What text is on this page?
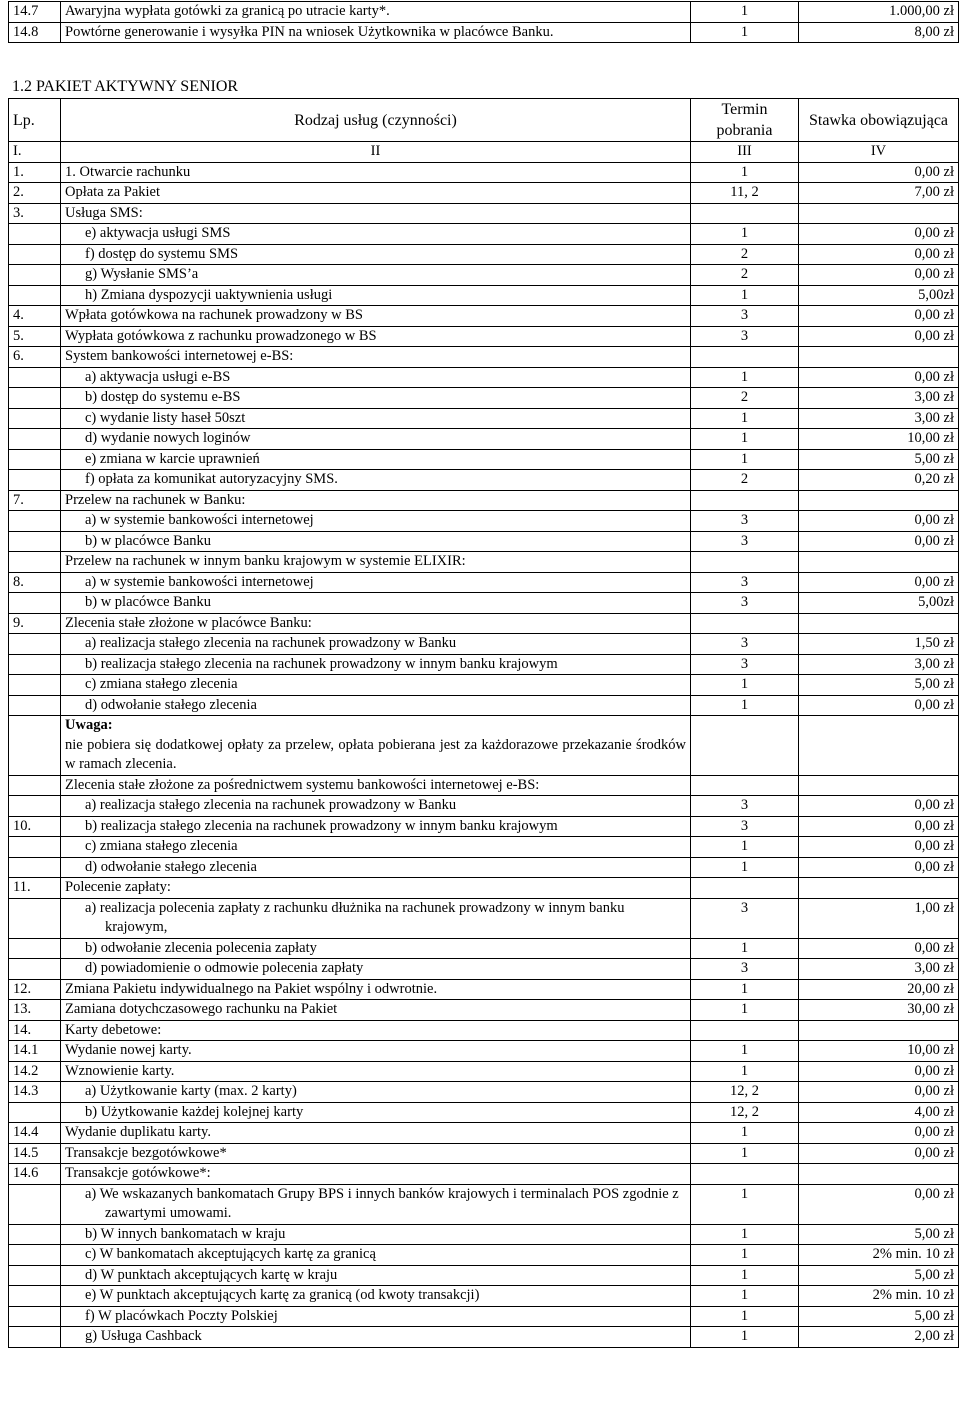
14.7	Awaryjna wypłata gotówki za granicą po utracie karty*.	1	1.000,00 zł
14.8	Powtórne generowanie i wysyłka PIN na wniosek Użytkownika w placówce Banku.	1	8,00 zł
1.2 PAKIET AKTYWNY SENIOR
Lp.	Rodzaj usług (czynności)	Termin pobrania	Stawka obowiązująca
I.	II	III	IV
1.	1. Otwarcie rachunku	1	0,00 zł
2.	Opłata za Pakiet	11, 2	7,00 zł
3.	Usługa SMS:		
	e) aktywacja usługi SMS	1	0,00 zł
	f) dostęp do systemu SMS	2	0,00 zł
	g) Wysłanie SMS’a	2	0,00 zł
	h) Zmiana dyspozycji uaktywnienia usługi	1	5,00zł
4.	Wpłata gotówkowa na rachunek prowadzony w BS	3	0,00 zł
5.	Wypłata gotówkowa z rachunku prowadzonego w BS	3	0,00 zł
6.	System bankowości internetowej e-BS:		
	a) aktywacja usługi e-BS	1	0,00 zł
	b) dostęp do systemu e-BS	2	3,00 zł
	c) wydanie listy haseł 50szt	1	3,00 zł
	d) wydanie nowych loginów	1	10,00 zł
	e) zmiana w karcie uprawnień	1	5,00 zł
	f) opłata za komunikat autoryzacyjny SMS.	2	0,20 zł
7.	Przelew na rachunek w Banku:		
	a) w systemie bankowości internetowej	3	0,00 zł
	b) w placówce Banku	3	0,00 zł
	Przelew na rachunek w innym banku krajowym w systemie ELIXIR:		
8.	a) w systemie bankowości internetowej	3	0,00 zł
	b) w placówce Banku	3	5,00zł
9.	Zlecenia stałe złożone w placówce Banku:		
	a) realizacja stałego zlecenia na rachunek prowadzony w Banku	3	1,50 zł
	b) realizacja stałego zlecenia na rachunek prowadzony w innym banku krajowym	3	3,00 zł
	c) zmiana stałego zlecenia	1	5,00 zł
	d) odwołanie stałego zlecenia	1	0,00 zł

	Uwaga:
nie pobiera się dodatkowej opłaty za przelew, opłata pobierana jest za każdorazowe przekazanie środków w ramach zlecenia.		

	Zlecenia stałe złożone za pośrednictwem systemu bankowości internetowej e-BS:		
	a) realizacja stałego zlecenia na rachunek prowadzony w Banku	3	0,00 zł
10.	b) realizacja stałego zlecenia na rachunek prowadzony w innym banku krajowym	3	0,00 zł
	c) zmiana stałego zlecenia	1	0,00 zł
	d) odwołanie stałego zlecenia	1	0,00 zł
11.	Polecenie zapłaty:		
	a) realizacja polecenia zapłaty z rachunku dłużnika na rachunek prowadzony w innym banku krajowym,	3	1,00 zł
	b) odwołanie zlecenia polecenia zapłaty	1	0,00 zł
	d) powiadomienie o odmowie polecenia zapłaty	3	3,00 zł
12.	Zmiana Pakietu indywidualnego na Pakiet wspólny i odwrotnie.	1	20,00 zł
13.	Zamiana dotychczasowego rachunku na Pakiet	1	30,00 zł
14.	Karty debetowe:		
14.1	Wydanie nowej karty.	1	10,00 zł
14.2	Wznowienie karty.	1	0,00 zł
14.3	a) Użytkowanie karty (max. 2 karty)	12, 2	0,00 zł
	b) Użytkowanie każdej kolejnej karty	12, 2	4,00 zł
14.4	Wydanie duplikatu karty.	1	0,00 zł
14.5	Transakcje bezgotówkowe*	1	0,00 zł
14.6	Transakcje gotówkowe*:		
	a) We wskazanych bankomatach Grupy BPS i innych banków krajowych i terminalach POS zgodnie z zawartymi umowami.	1	0,00 zł
	b) W innych bankomatach w kraju	1	5,00 zł
	c) W bankomatach akceptujących kartę za granicą	1	2% min. 10 zł
	d) W punktach akceptujących kartę w kraju	1	5,00 zł
	e) W punktach akceptujących kartę za granicą (od kwoty transakcji)	1	2% min. 10 zł
	f) W placówkach Poczty Polskiej	1	5,00 zł
	g) Usługa Cashback	1	2,00 zł
